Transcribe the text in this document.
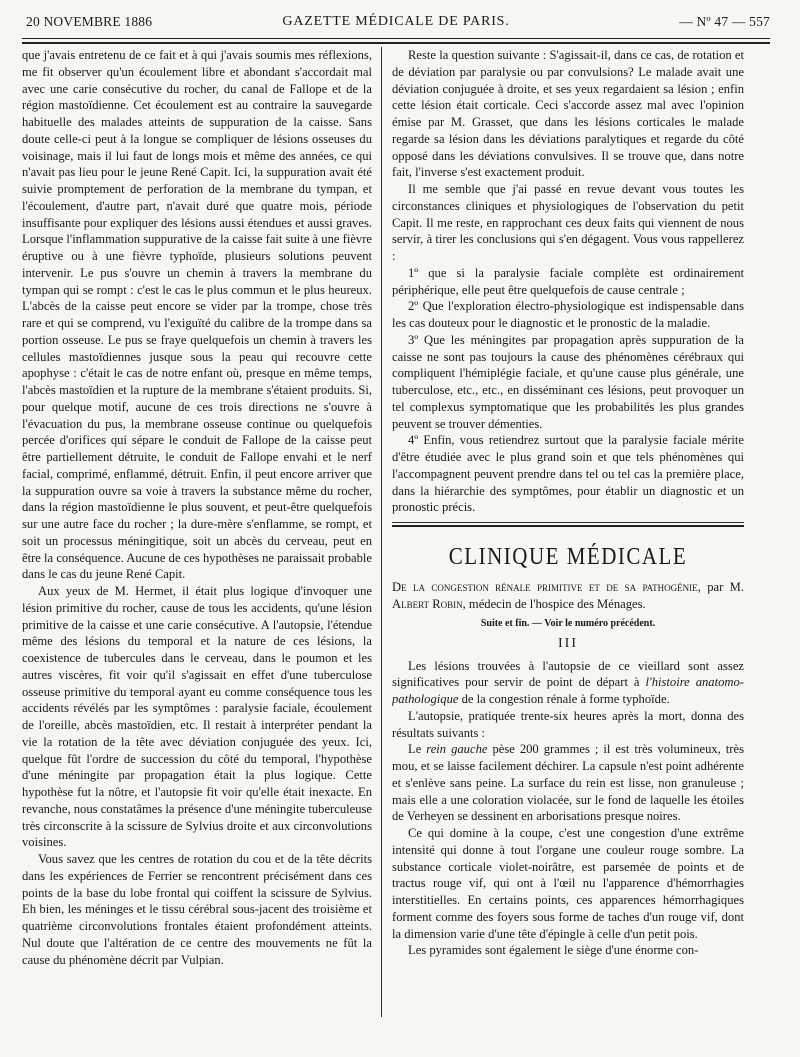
20 NOVEMBRE 1886	GAZETTE MÉDICALE DE PARIS.	— Nº 47 — 557

que j'avais entretenu de ce fait et à qui j'avais soumis mes réflexions, me fit observer qu'un écoulement libre et abondant s'accordait mal avec une carie consécutive du rocher, du canal de Fallope et de la région mastoïdienne. Cet écoulement est au contraire la sauvegarde habituelle des malades atteints de suppuration de la caisse. Sans doute celle-ci peut à la longue se compliquer de lésions osseuses du voisinage, mais il lui faut de longs mois et même des années, ce qui n'avait pas lieu pour le jeune René Capit. Ici, la suppuration avait été suivie promptement de perforation de la membrane du tympan, et l'écoulement, d'autre part, n'avait duré que quatre mois, période insuffisante pour expliquer des lésions aussi étendues et aussi graves. Lorsque l'inflammation suppurative de la caisse fait suite à une fièvre éruptive ou à une fièvre typhoïde, plusieurs solutions peuvent intervenir. Le pus s'ouvre un chemin à travers la membrane du tympan qui se rompt : c'est le cas le plus commun et le plus heureux. L'abcès de la caisse peut encore se vider par la trompe, chose très rare et qui se comprend, vu l'exiguïté du calibre de la trompe dans sa portion osseuse. Le pus se fraye quelquefois un chemin à travers les cellules mastoïdiennes jusque sous la peau qui recouvre cette apophyse : c'était le cas de notre enfant où, presque en même temps, l'abcès mastoïdien et la rupture de la membrane s'étaient produits. Si, pour quelque motif, aucune de ces trois directions ne s'ouvre à l'évacuation du pus, la membrane osseuse continue ou quelquefois percée d'orifices qui sépare le conduit de Fallope de la caisse peut être partiellement détruite, le conduit de Fallope envahi et le nerf facial, comprimé, enflammé, détruit. Enfin, il peut encore arriver que la suppuration ouvre sa voie à travers la substance même du rocher, dans la région mastoïdienne le plus souvent, et peut-être quelquefois sur une autre face du rocher ; la dure-mère s'enflamme, se rompt, et soit un processus méningitique, soit un abcès du cerveau, peut en être la conséquence. Aucune de ces hypothèses ne paraissait probable dans le cas du jeune René Capit.

Aux yeux de M. Hermet, il était plus logique d'invoquer une lésion primitive du rocher, cause de tous les accidents, qu'une lésion primitive de la caisse et une carie consécutive. A l'autopsie, l'étendue même des lésions du temporal et la nature de ces lésions, la coexistence de tubercules dans le cerveau, dans le poumon et les autres viscères, fit voir qu'il s'agissait en effet d'une tuberculose osseuse primitive du temporal ayant eu comme conséquence tous les accidents révélés par les symptômes : paralysie faciale, écoulement de l'oreille, abcès mastoïdien, etc. Il restait à interpréter pendant la vie la rotation de la tête avec déviation conjuguée des yeux. Ici, quelque fût l'ordre de succession du côté du temporal, l'hypothèse d'une méningite par propagation était la plus logique. Cette hypothèse fut la nôtre, et l'autopsie fit voir qu'elle était inexacte. En revanche, nous constatâmes la présence d'une méningite tuberculeuse très circonscrite à la scissure de Sylvius droite et aux circonvolutions voisines.

Vous savez que les centres de rotation du cou et de la tête décrits dans les expériences de Ferrier se rencontrent précisément dans ces points de la base du lobe frontal qui coiffent la scissure de Sylvius. Eh bien, les méninges et le tissu cérébral sous-jacent des troisième et quatrième circonvolutions frontales étaient profondément atteints. Nul doute que l'altération de ce centre des mouvements ne fût la cause du phénomène décrit par Vulpian.

Reste la question suivante : S'agissait-il, dans ce cas, de rotation et de déviation par paralysie ou par convulsions? Le malade avait une déviation conjuguée à droite, et ses yeux regardaient sa lésion ; enfin cette lésion était corticale. Ceci s'accorde assez mal avec l'opinion émise par M. Grasset, que dans les lésions corticales le malade regarde sa lésion dans les déviations paralytiques et regarde du côté opposé dans les déviations convulsives. Il se trouve que, dans notre fait, l'inverse s'est exactement produit.

Il me semble que j'ai passé en revue devant vous toutes les circonstances cliniques et physiologiques de l'observation du petit Capit. Il me reste, en rapprochant ces deux faits qui viennent de nous servir, à tirer les conclusions qui s'en dégagent. Vous vous rappellerez :

1º que si la paralysie faciale complète est ordinairement périphérique, elle peut être quelquefois de cause centrale ;

2º Que l'exploration électro-physiologique est indispensable dans les cas douteux pour le diagnostic et le pronostic de la maladie.

3º Que les méningites par propagation après suppuration de la caisse ne sont pas toujours la cause des phénomènes cérébraux qui compliquent l'hémiplégie faciale, et qu'une cause plus générale, une tuberculose, etc., etc., en disséminant ces lésions, peut provoquer un tel complexus symptomatique que les probabilités les plus grandes peuvent se trouver démenties.

4º Enfin, vous retiendrez surtout que la paralysie faciale mérite d'être étudiée avec le plus grand soin et que tels phénomènes qui l'accompagnent peuvent prendre dans tel ou tel cas la première place, dans la hiérarchie des symptômes, pour établir un diagnostic et un pronostic précis.

CLINIQUE MÉDICALE

De la congestion rénale primitive et de sa pathogénie, par M. Albert Robin, médecin de l'hospice des Ménages.

Suite et fin. — Voir le numéro précédent.
III

Les lésions trouvées à l'autopsie de ce vieillard sont assez significatives pour servir de point de départ à l'histoire anatomo-pathologique de la congestion rénale à forme typhoïde.

L'autopsie, pratiquée trente-six heures après la mort, donna des résultats suivants :

Le rein gauche pèse 200 grammes ; il est très volumineux, très mou, et se laisse facilement déchirer. La capsule n'est point adhérente et s'enlève sans peine. La surface du rein est lisse, non granuleuse ; mais elle a une coloration violacée, sur le fond de laquelle les étoiles de Verheyen se dessinent en arborisations presque noires.

Ce qui domine à la coupe, c'est une congestion d'une extrême intensité qui donne à tout l'organe une couleur rouge sombre. La substance corticale violet-noirâtre, est parsemée de points et de tractus rouge vif, qui ont à l'œil nu l'apparence d'hémorrhagies interstitielles. En certains points, ces apparences hémorrhagiques forment comme des foyers sous forme de taches d'un rouge vif, dont la dimension varie d'une tête d'épingle à celle d'un petit pois.

Les pyramides sont également le siège d'une énorme con-
